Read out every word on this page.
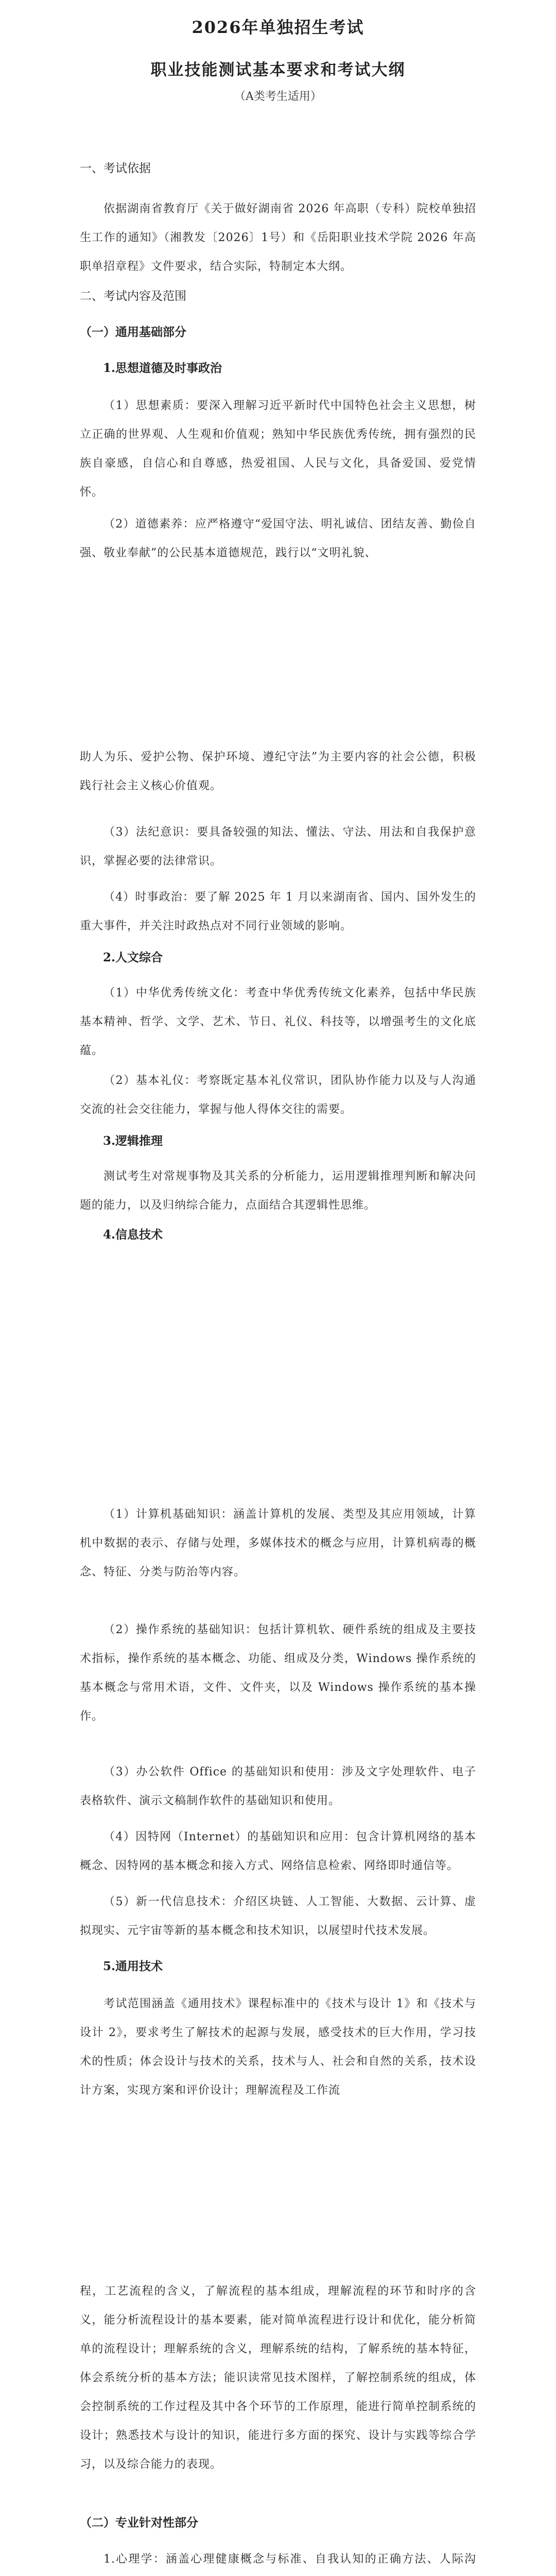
2026年单独招生考试
职业技能测试基本要求和考试大纲
（A类考生适用）
一、考试依据
依据湖南省教育厅《关于做好湖南省 2026 年高职（专科）院校单独招生工作的通知》（湘教发〔2026〕1号）和《岳阳职业技术学院 2026 年高职单招章程》文件要求，结合实际，特制定本大纲。
二、考试内容及范围
（一）通用基础部分
1.思想道德及时事政治
（1）思想素质：要深入理解习近平新时代中国特色社会主义思想，树立正确的世界观、人生观和价值观；熟知中华民族优秀传统，拥有强烈的民族自豪感，自信心和自尊感，热爱祖国、人民与文化，具备爱国、爱党情怀。
（2）道德素养：应严格遵守“爱国守法、明礼诚信、团结友善、勤俭自强、敬业奉献”的公民基本道德规范，践行以“文明礼貌、
助人为乐、爱护公物、保护环境、遵纪守法”为主要内容的社会公德，积极践行社会主义核心价值观。
（3）法纪意识：要具备较强的知法、懂法、守法、用法和自我保护意识，掌握必要的法律常识。
（4）时事政治：要了解 2025 年 1 月以来湖南省、国内、国外发生的重大事件，并关注时政热点对不同行业领域的影响。
2.人文综合
（1）中华优秀传统文化：考查中华优秀传统文化素养，包括中华民族基本精神、哲学、文学、艺术、节日、礼仪、科技等，以增强考生的文化底蕴。
（2）基本礼仪：考察既定基本礼仪常识，团队协作能力以及与人沟通交流的社会交往能力，掌握与他人得体交往的需要。
3.逻辑推理
测试考生对常规事物及其关系的分析能力，运用逻辑推理判断和解决问题的能力，以及归纳综合能力，点面结合其逻辑性思维。
4.信息技术
（1）计算机基础知识：涵盖计算机的发展、类型及其应用领域，计算机中数据的表示、存储与处理，多媒体技术的概念与应用，计算机病毒的概念、特征、分类与防治等内容。
（2）操作系统的基础知识：包括计算机软、硬件系统的组成及主要技术指标，操作系统的基本概念、功能、组成及分类，Windows 操作系统的基本概念与常用术语，文件、文件夹，以及 Windows 操作系统的基本操作。
（3）办公软件 Office 的基础知识和使用：涉及文字处理软件、电子表格软件、演示文稿制作软件的基础知识和使用。
（4）因特网（Internet）的基础知识和应用：包含计算机网络的基本概念、因特网的基本概念和接入方式、网络信息检索、网络即时通信等。
（5）新一代信息技术：介绍区块链、人工智能、大数据、云计算、虚拟现实、元宇宙等新的基本概念和技术知识，以展望时代技术发展。
5.通用技术
考试范围涵盖《通用技术》课程标准中的《技术与设计 1》和《技术与设计 2》，要求考生了解技术的起源与发展，感受技术的巨大作用，学习技术的性质；体会设计与技术的关系，技术与人、社会和自然的关系，技术设计方案，实现方案和评价设计；理解流程及工作流
程，工艺流程的含义，了解流程的基本组成，理解流程的环节和时序的含义，能分析流程设计的基本要素，能对简单流程进行设计和优化，能分析简单的流程设计；理解系统的含义，理解系统的结构，了解系统的基本特征，体会系统分析的基本方法；能识读常见技术图样，了解控制系统的组成，体会控制系统的工作过程及其中各个环节的工作原理，能进行简单控制系统的设计；熟悉技术与设计的知识，能进行多方面的探究、设计与实践等综合学习，以及综合能力的表现。
（二）专业针对性部分
1.心理学：涵盖心理健康概念与标准、自我认知的正确方法、人际沟
